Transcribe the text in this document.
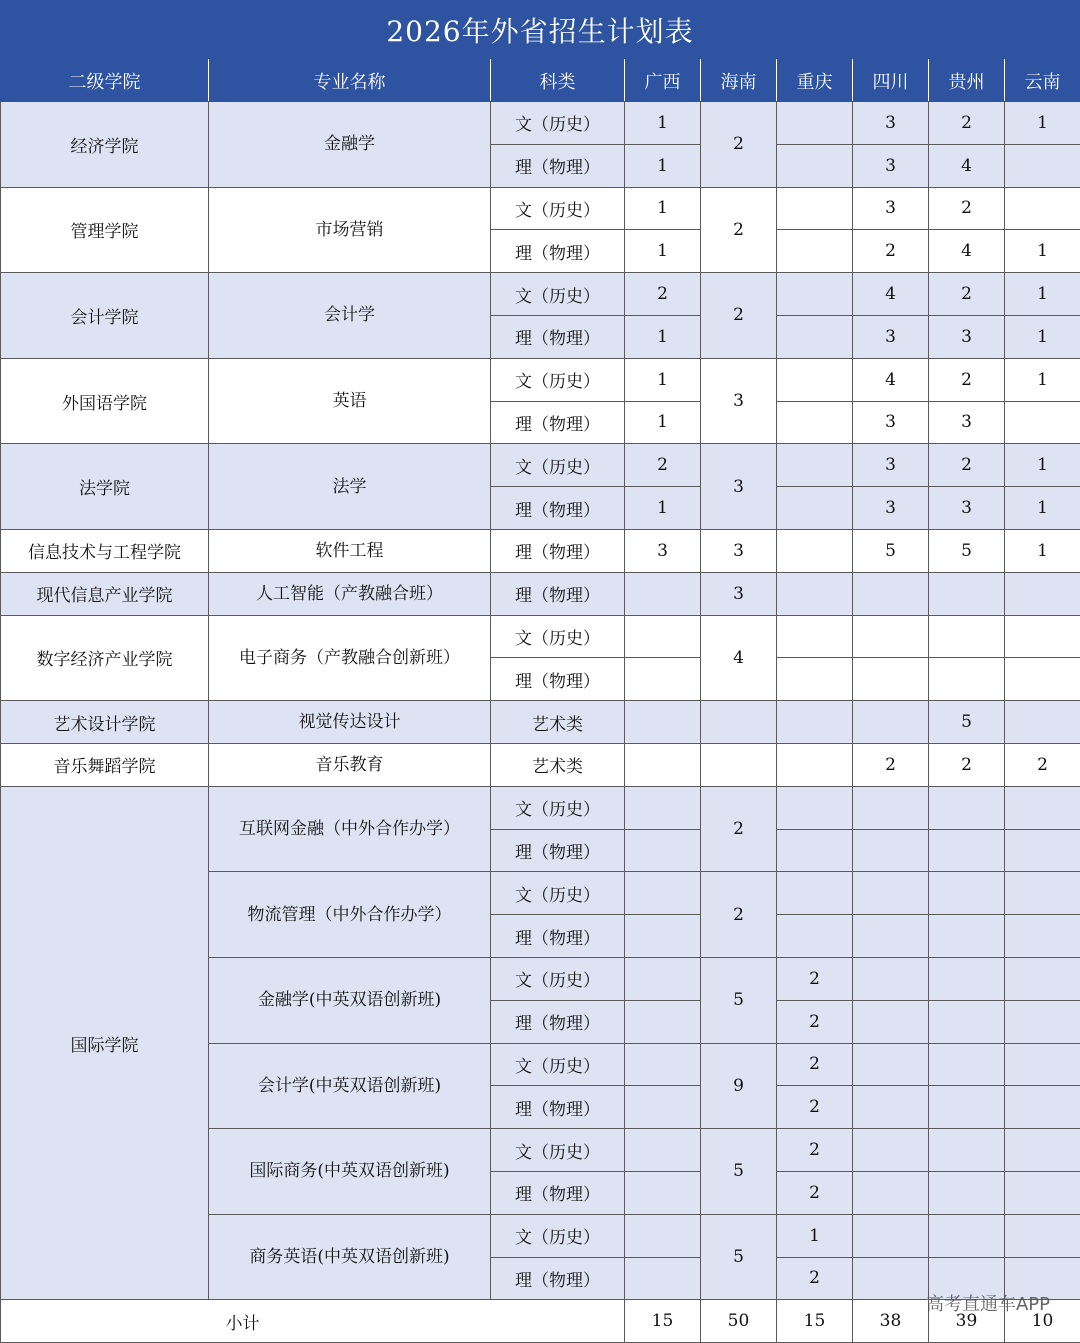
2026年外省招生计划表
二级学院	专业名称	科类	广西	海南	重庆	四川	贵州	云南
经济学院	金融学	文（历史）	1	2		3	2	1
		理（物理）	1			3	4	
管理学院	市场营销	文（历史）	1	2		3	2	
		理（物理）	1			2	4	1
会计学院	会计学	文（历史）	2	2		4	2	1
		理（物理）	1			3	3	1
外国语学院	英语	文（历史）	1	3		4	2	1
		理（物理）	1			3	3	
法学院	法学	文（历史）	2	3		3	2	1
		理（物理）	1			3	3	1
信息技术与工程学院	软件工程	理（物理）	3	3		5	5	1
现代信息产业学院	人工智能（产教融合班）	理（物理）		3				
数字经济产业学院	电子商务（产教融合创新班）	文（历史）		4				
		理（物理）						
艺术设计学院	视觉传达设计	艺术类					5	
音乐舞蹈学院	音乐教育	艺术类				2	2	2
国际学院	互联网金融（中外合作办学）	文（历史）		2				
		理（物理）						
	物流管理（中外合作办学）	文（历史）		2				
		理（物理）						
	金融学(中英双语创新班)	文（历史）		5	2			
		理（物理）			2			
	会计学(中英双语创新班)	文（历史）		9	2			
		理（物理）			2			
	国际商务(中英双语创新班)	文（历史）		5	2			
		理（物理）			2			
	商务英语(中英双语创新班)	文（历史）		5	1			
		理（物理）			2			
小计			15	50	15	38	39	10
高考直通车APP
